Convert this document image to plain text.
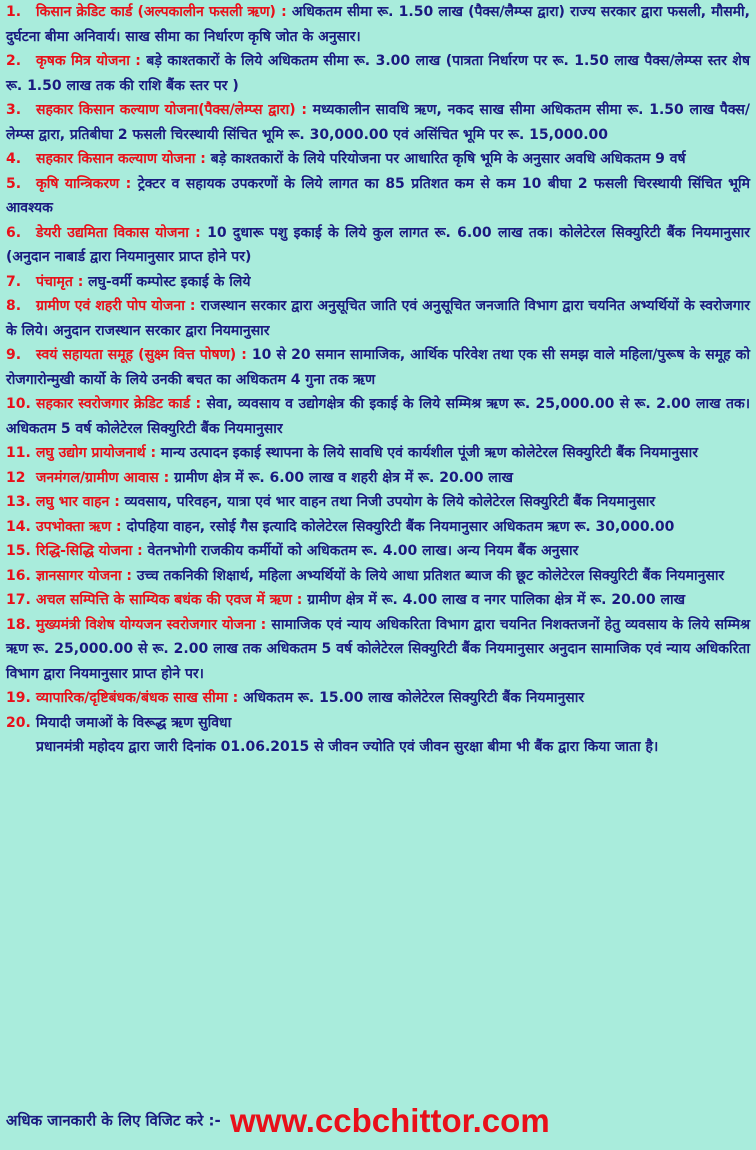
1. किसान क्रेडिट कार्ड (अल्पकालीन फसली ऋण) : अधिकतम सीमा रू. 1.50 लाख (पैक्स/लैम्प्स द्वारा) राज्य सरकार द्वारा फसली, मौसमी, दुर्घटना बीमा अनिवार्य। साख सीमा का निर्धारण कृषि जोत के अनुसार।

2. कृषक मित्र योजना : बड़े काश्तकारों के लिये अधिकतम सीमा रू. 3.00 लाख (पात्रता निर्धारण पर रू. 1.50 लाख पैक्स/लेम्प्स स्तर शेष रू. 1.50 लाख तक की राशि बैंक स्तर पर )

3. सहकार किसान कल्याण योजना(पैक्स/लेम्प्स द्वारा) : मध्यकालीन सावधि ऋण, नकद साख सीमा अधिकतम सीमा रू. 1.50 लाख पैक्स/लेम्प्स द्वारा, प्रतिबीघा 2 फसली चिरस्थायी सिंचित भूमि रू. 30,000.00 एवं असिंचित भूमि पर रू. 15,000.00

4. सहकार किसान कल्याण योजना : बड़े काश्तकारों के लिये परियोजना पर आधारित कृषि भूमि के अनुसार अवधि अधिकतम 9 वर्ष

5. कृषि यान्त्रिकरण : ट्रेक्टर व सहायक उपकरणों के लिये लागत का 85 प्रतिशत कम से कम 10 बीघा 2 फसली चिरस्थायी सिंचित भूमि आवश्यक

6. डेयरी उद्यमिता विकास योजना : 10 दुधारू पशु इकाई के लिये कुल लागत रू. 6.00 लाख तक। कोलेटेरल सिक्युरिटी बैंक नियमानुसार (अनुदान नाबार्ड द्वारा नियमानुसार प्राप्त होने पर)

7. पंचामृत : लघु-वर्मी कम्पोस्ट इकाई के लिये

8. ग्रामीण एवं शहरी पोप योजना : राजस्थान सरकार द्वारा अनुसूचित जाति एवं अनुसूचित जनजाति विभाग द्वारा चयनित अभ्यर्थियों के स्वरोजगार के लिये। अनुदान राजस्थान सरकार द्वारा नियमानुसार

9. स्वयं सहायता समूह (सुक्ष्म वित्त पोषण) : 10 से 20 समान सामाजिक, आर्थिक परिवेश तथा एक सी समझ वाले महिला/पुरूष के समूह को रोजगारोन्मुखी कार्यो के लिये उनकी बचत का अधिकतम 4 गुना तक ऋण

10. सहकार स्वरोजगार क्रेडिट कार्ड : सेवा, व्यवसाय व उद्योगक्षेत्र की इकाई के लिये सम्मिश्र ऋण रू. 25,000.00 से रू. 2.00 लाख तक। अधिकतम 5 वर्ष कोलेटेरल सिक्युरिटी बैंक नियमानुसार

11. लघु उद्योग प्रायोजनार्थ : मान्य उत्पादन इकाई स्थापना के लिये सावधि एवं कार्यशील पूंजी ऋण कोलेटेरल सिक्युरिटी बैंक नियमानुसार

12 जनमंगल/ग्रामीण आवास : ग्रामीण क्षेत्र में रू. 6.00 लाख व शहरी क्षेत्र में रू. 20.00 लाख

13. लघु भार वाहन : व्यवसाय, परिवहन, यात्रा एवं भार वाहन तथा निजी उपयोग के लिये कोलेटेरल सिक्युरिटी बैंक नियमानुसार

14. उपभोक्ता ऋण : दोपहिया वाहन, रसोई गैस इत्यादि कोलेटेरल सिक्युरिटी बैंक नियमानुसार अधिकतम ऋण रू. 30,000.00

15. रिद्धि-सिद्धि योजना : वेतनभोगी राजकीय कर्मीयों को अधिकतम रू. 4.00 लाख। अन्य नियम बैंक अनुसार

16. ज्ञानसागर योजना : उच्च तकनिकी शिक्षार्थ, महिला अभ्यर्थियों के लिये आधा प्रतिशत ब्याज की छूट कोलेटेरल सिक्युरिटी बैंक नियमानुसार

17. अचल सम्पित्ति के साम्यिक बधंक की एवज में ऋण : ग्रामीण क्षेत्र में रू. 4.00 लाख व नगर पालिका क्षेत्र में रू. 20.00 लाख

18. मुख्यमंत्री विशेष योग्यजन स्वरोजगार योजना : सामाजिक एवं न्याय अधिकरिता विभाग द्वारा चयनित निशक्तजनों हेतु व्यवसाय के लिये सम्मिश्र ऋण रू. 25,000.00 से रू. 2.00 लाख तक अधिकतम 5 वर्ष कोलेटेरल सिक्युरिटी बैंक नियमानुसार अनुदान सामाजिक एवं न्याय अधिकरिता विभाग द्वारा नियमानुसार प्राप्त होने पर।

19. व्यापारिक/दृष्टिबंधक/बंधक साख सीमा : अधिकतम रू. 15.00 लाख कोलेटेरल सिक्युरिटी बैंक नियमानुसार

20. मियादी जमाओं के विरूद्ध ऋण सुविधा

प्रधानमंत्री महोदय द्वारा जारी दिनांक 01.06.2015 से जीवन ज्योति एवं जीवन सुरक्षा बीमा भी बैंक द्वारा किया जाता है।

अधिक जानकारी के लिए विजिट करे :- www.ccbchittor.com
